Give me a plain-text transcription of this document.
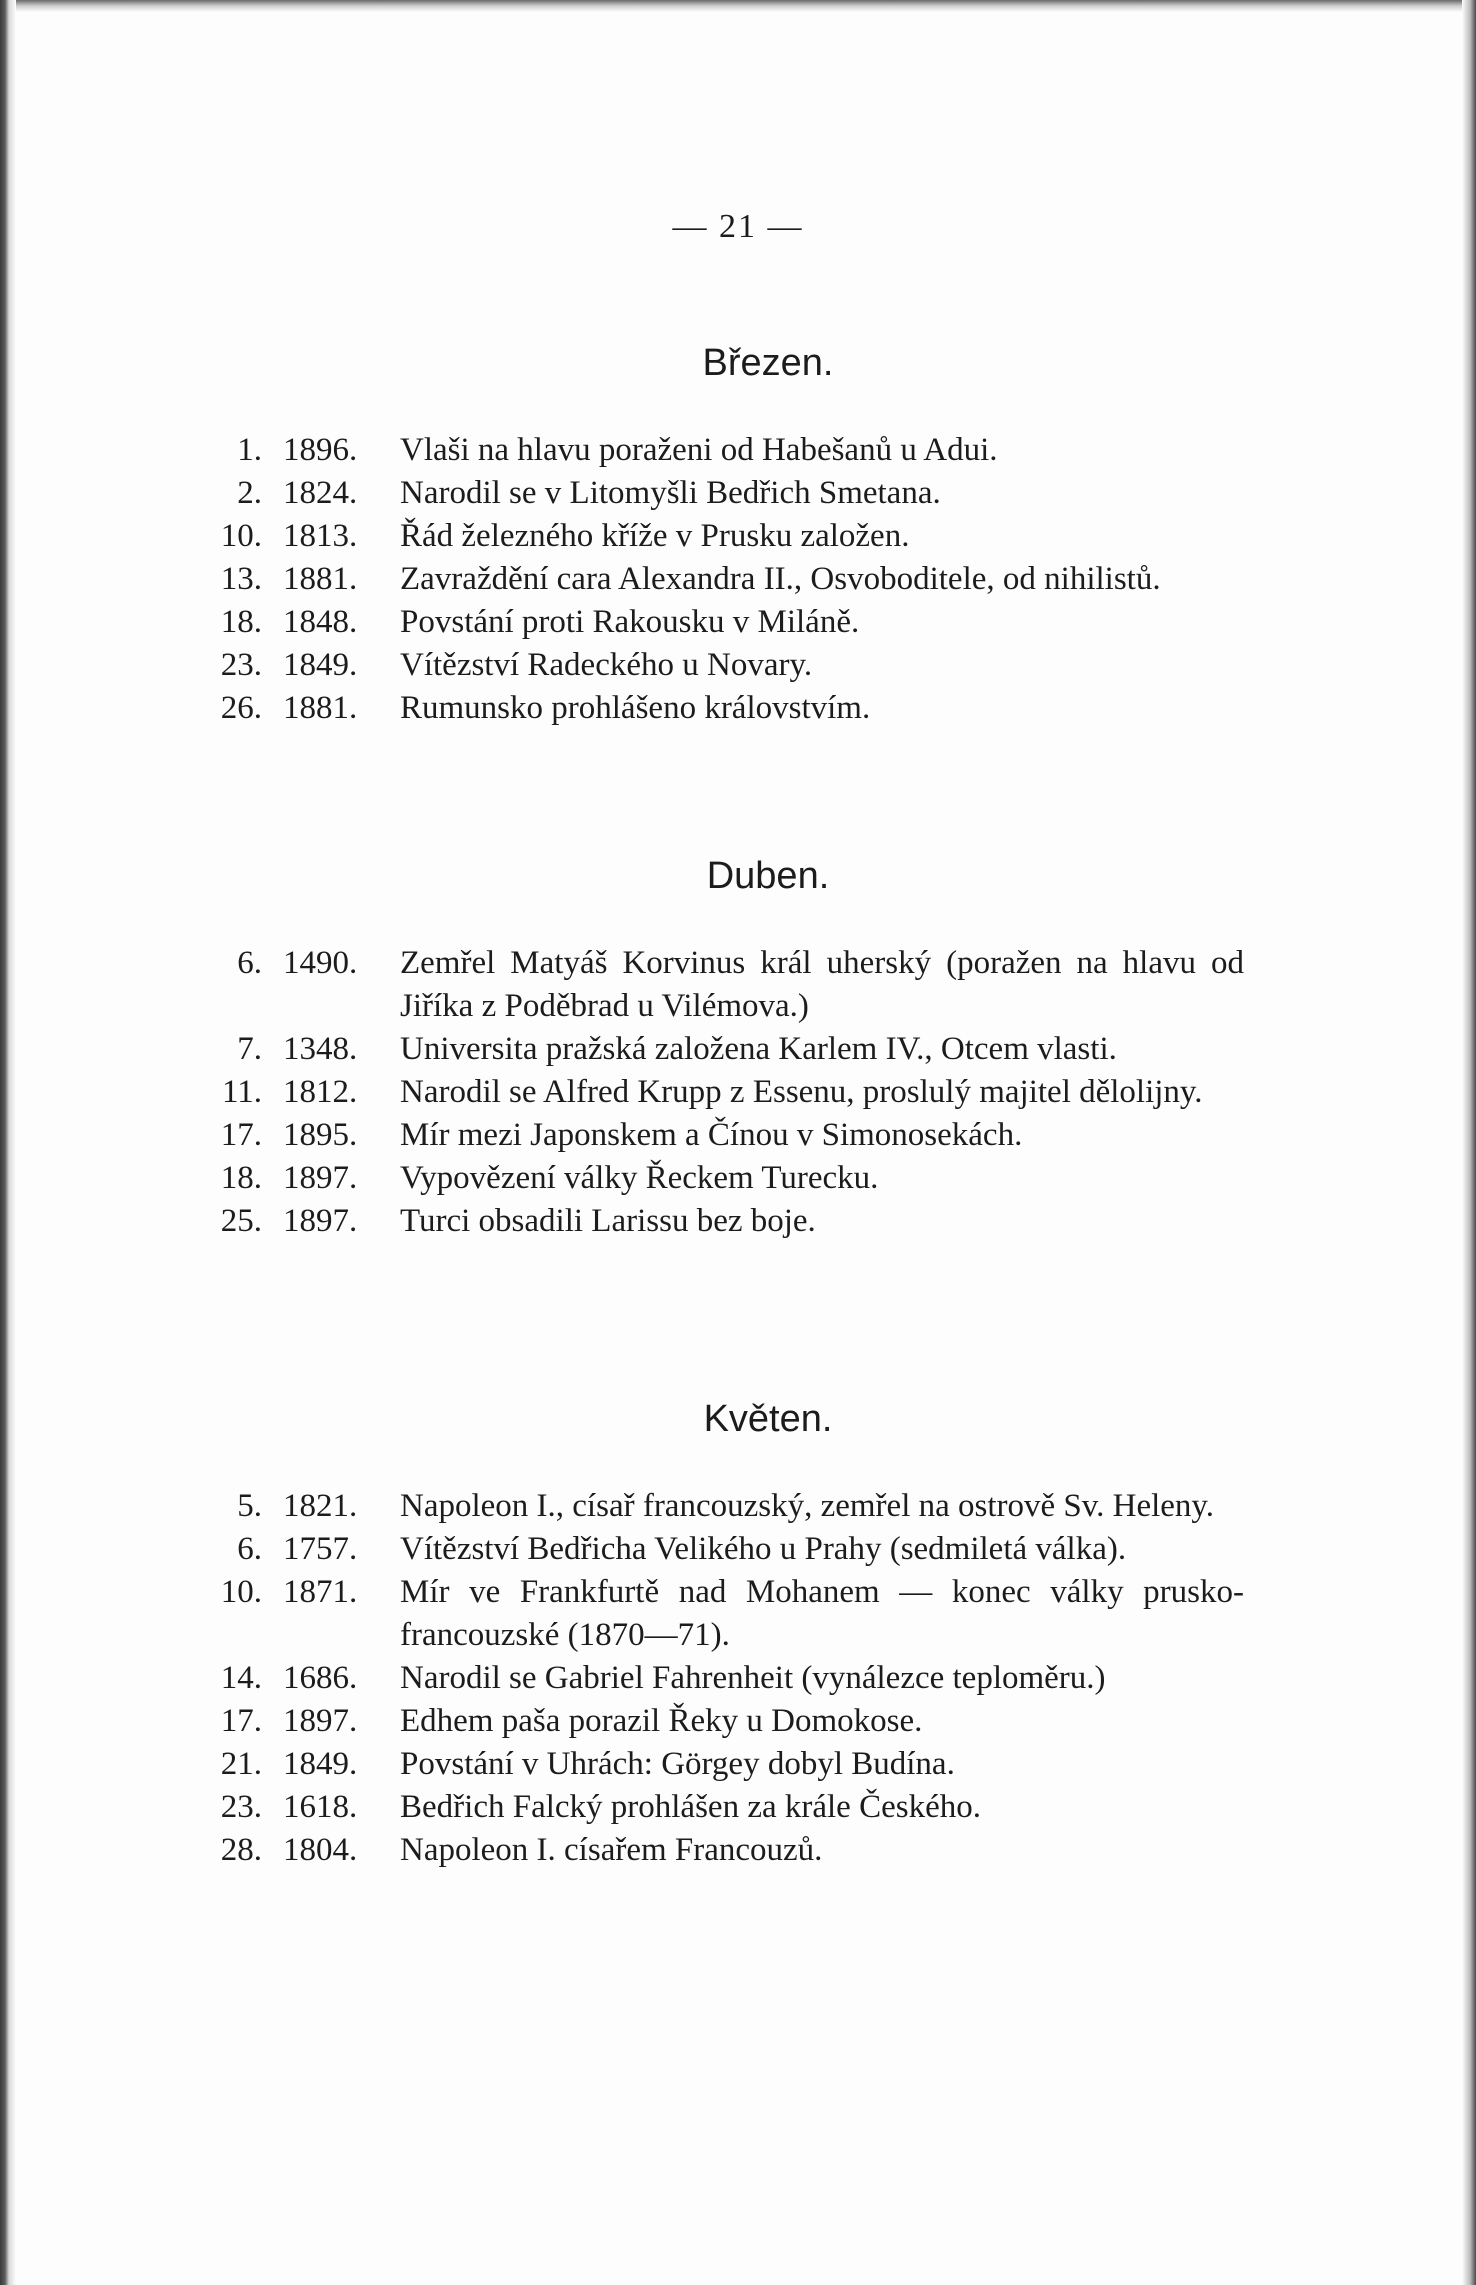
— 21 —
Březen.
1. 1896.	Vlaši na hlavu poraženi od Habešanů u Adui.
2. 1824.	Narodil se v Litomyšli Bedřich Smetana.
10. 1813.	Řád železného kříže v Prusku založen.
13. 1881.	Zavraždění cara Alexandra II., Osvoboditele, od nihilistů.
18. 1848.	Povstání proti Rakousku v Miláně.
23. 1849.	Vítězství Radeckého u Novary.
26. 1881.	Rumunsko prohlášeno královstvím.
Duben.
6. 1490.	Zemřel Matyáš Korvinus král uherský (poražen na hlavu od Jiříka z Poděbrad u Vilémova.)
7. 1348.	Universita pražská založena Karlem IV., Otcem vlasti.
11. 1812.	Narodil se Alfred Krupp z Essenu, proslulý majitel dělolijny.
17. 1895.	Mír mezi Japonskem a Čínou v Simonosekách.
18. 1897.	Vypovězení války Řeckem Turecku.
25. 1897.	Turci obsadili Larissu bez boje.
Květen.
5. 1821.	Napoleon I., císař francouzský, zemřel na ostrově Sv. Heleny.
6. 1757.	Vítězství Bedřicha Velikého u Prahy (sedmiletá válka).
10. 1871.	Mír ve Frankfurtě nad Mohanem — konec války prusko-francouzské (1870—71).
14. 1686.	Narodil se Gabriel Fahrenheit (vynálezce teploměru.)
17. 1897.	Edhem paša porazil Řeky u Domokose.
21. 1849.	Povstání v Uhrách: Görgey dobyl Budína.
23. 1618.	Bedřich Falcký prohlášen za krále Českého.
28. 1804.	Napoleon I. císařem Francouzů.
